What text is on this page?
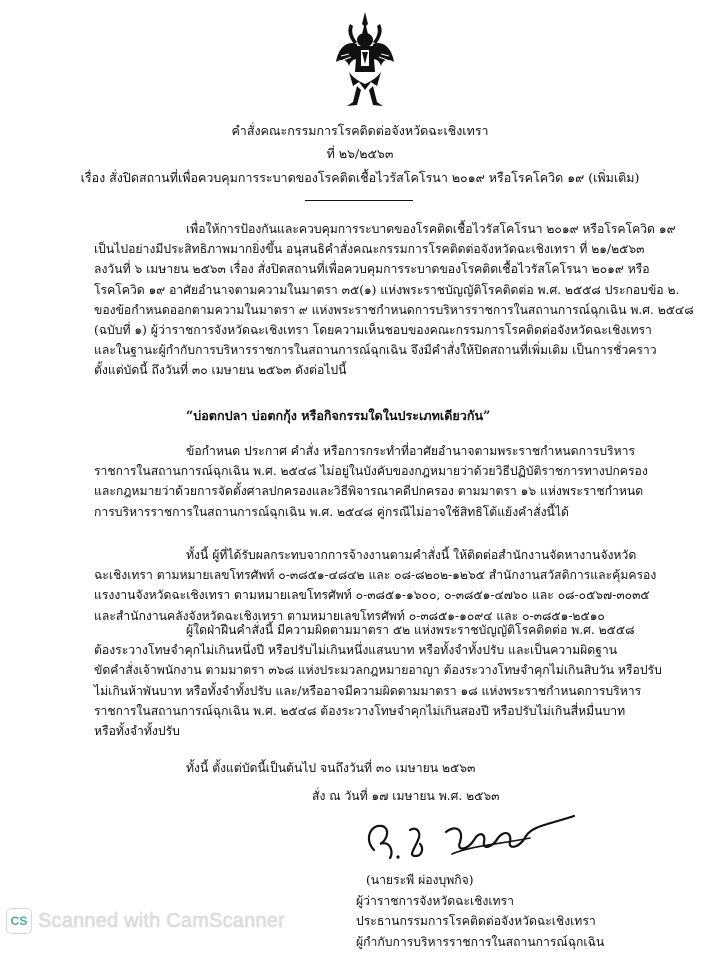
คำสั่งคณะกรรมการโรคติดต่อจังหวัดฉะเชิงเทรา
ที่ ๒๖/๒๕๖๓
เรื่อง สั่งปิดสถานที่เพื่อควบคุมการระบาดของโรคติดเชื้อไวรัสโคโรนา ๒๐๑๙ หรือโรคโควิด ๑๙ (เพิ่มเติม)
เพื่อให้การป้องกันและควบคุมการระบาดของโรคติดเชื้อไวรัสโคโรนา ๒๐๑๙ หรือโรคโควิด ๑๙
เป็นไปอย่างมีประสิทธิภาพมากยิ่งขึ้น อนุสนธิคำสั่งคณะกรรมการโรคติดต่อจังหวัดฉะเชิงเทรา ที่ ๒๑/๒๕๖๓
ลงวันที่ ๖ เมษายน ๒๕๖๓ เรื่อง สั่งปิดสถานที่เพื่อควบคุมการระบาดของโรคติดเชื้อไวรัสโคโรนา ๒๐๑๙ หรือ
โรคโควิด ๑๙ อาศัยอำนาจตามความในมาตรา ๓๕(๑) แห่งพระราชบัญญัติโรคติดต่อ พ.ศ. ๒๕๕๘ ประกอบข้อ ๒.
ของข้อกำหนดออกตามความในมาตรา ๙ แห่งพระราชกำหนดการบริหารราชการในสถานการณ์ฉุกเฉิน พ.ศ. ๒๕๔๘
(ฉบับที่ ๑) ผู้ว่าราชการจังหวัดฉะเชิงเทรา โดยความเห็นชอบของคณะกรรมการโรคติดต่อจังหวัดฉะเชิงเทรา
และในฐานะผู้กำกับการบริหารราชการในสถานการณ์ฉุกเฉิน จึงมีคำสั่งให้ปิดสถานที่เพิ่มเติม เป็นการชั่วคราว
ตั้งแต่บัดนี้ ถึงวันที่ ๓๐ เมษายน ๒๕๖๓ ดังต่อไปนี้
“บ่อตกปลา บ่อตกกุ้ง หรือกิจกรรมใดในประเภทเดียวกัน”
ข้อกำหนด ประกาศ คำสั่ง หรือการกระทำที่อาศัยอำนาจตามพระราชกำหนดการบริหาร
ราชการในสถานการณ์ฉุกเฉิน พ.ศ. ๒๕๔๘ ไม่อยู่ในบังคับของกฎหมายว่าด้วยวิธีปฏิบัติราชการทางปกครอง
และกฎหมายว่าด้วยการจัดตั้งศาลปกครองและวิธีพิจารณาคดีปกครอง ตามมาตรา ๑๖ แห่งพระราชกำหนด
การบริหารราชการในสถานการณ์ฉุกเฉิน พ.ศ. ๒๕๔๘ คู่กรณีไม่อาจใช้สิทธิโต้แย้งคำสั่งนี้ได้
ทั้งนี้ ผู้ที่ได้รับผลกระทบจากการจ้างงานตามคำสั่งนี้ ให้ติดต่อสำนักงานจัดหางานจังหวัด
ฉะเชิงเทรา ตามหมายเลขโทรศัพท์ ๐-๓๘๕๑-๔๘๔๒ และ ๐๘-๘๒๐๒-๑๒๖๕ สำนักงานสวัสดิการและคุ้มครอง
แรงงานจังหวัดฉะเชิงเทรา ตามหมายเลขโทรศัพท์ ๐-๓๘๕๑-๑๖๐๐, ๐-๓๘๕๑-๔๗๖๐ และ ๐๘-๐๕๖๗-๓๐๓๕
และสำนักงานคลังจังหวัดฉะเชิงเทรา ตามหมายเลขโทรศัพท์ ๐-๓๘๕๑-๑๐๙๔ และ ๐-๓๘๕๑-๒๕๑๐
ผู้ใดฝ่าฝืนคำสั่งนี้ มีความผิดตามมาตรา ๕๒ แห่งพระราชบัญญัติโรคติดต่อ พ.ศ. ๒๕๕๘
ต้องระวางโทษจำคุกไม่เกินหนึ่งปี หรือปรับไม่เกินหนึ่งแสนบาท หรือทั้งจำทั้งปรับ และเป็นความผิดฐาน
ขัดคำสั่งเจ้าพนักงาน ตามมาตรา ๓๖๘ แห่งประมวลกฎหมายอาญา ต้องระวางโทษจำคุกไม่เกินสิบวัน หรือปรับ
ไม่เกินห้าพันบาท หรือทั้งจำทั้งปรับ และ/หรืออาจมีความผิดตามมาตรา ๑๘ แห่งพระราชกำหนดการบริหาร
ราชการในสถานการณ์ฉุกเฉิน พ.ศ. ๒๕๔๘ ต้องระวางโทษจำคุกไม่เกินสองปี หรือปรับไม่เกินสี่หมื่นบาท
หรือทั้งจำทั้งปรับ
ทั้งนี้ ตั้งแต่บัดนี้เป็นต้นไป จนถึงวันที่ ๓๐ เมษายน ๒๕๖๓
สั่ง ณ วันที่ ๑๗ เมษายน พ.ศ. ๒๕๖๓
(นายระพี ผ่องบุพกิจ)
ผู้ว่าราชการจังหวัดฉะเชิงเทรา
ประธานกรรมการโรคติดต่อจังหวัดฉะเชิงเทรา
ผู้กำกับการบริหารราชการในสถานการณ์ฉุกเฉิน
CS Scanned with CamScanner
